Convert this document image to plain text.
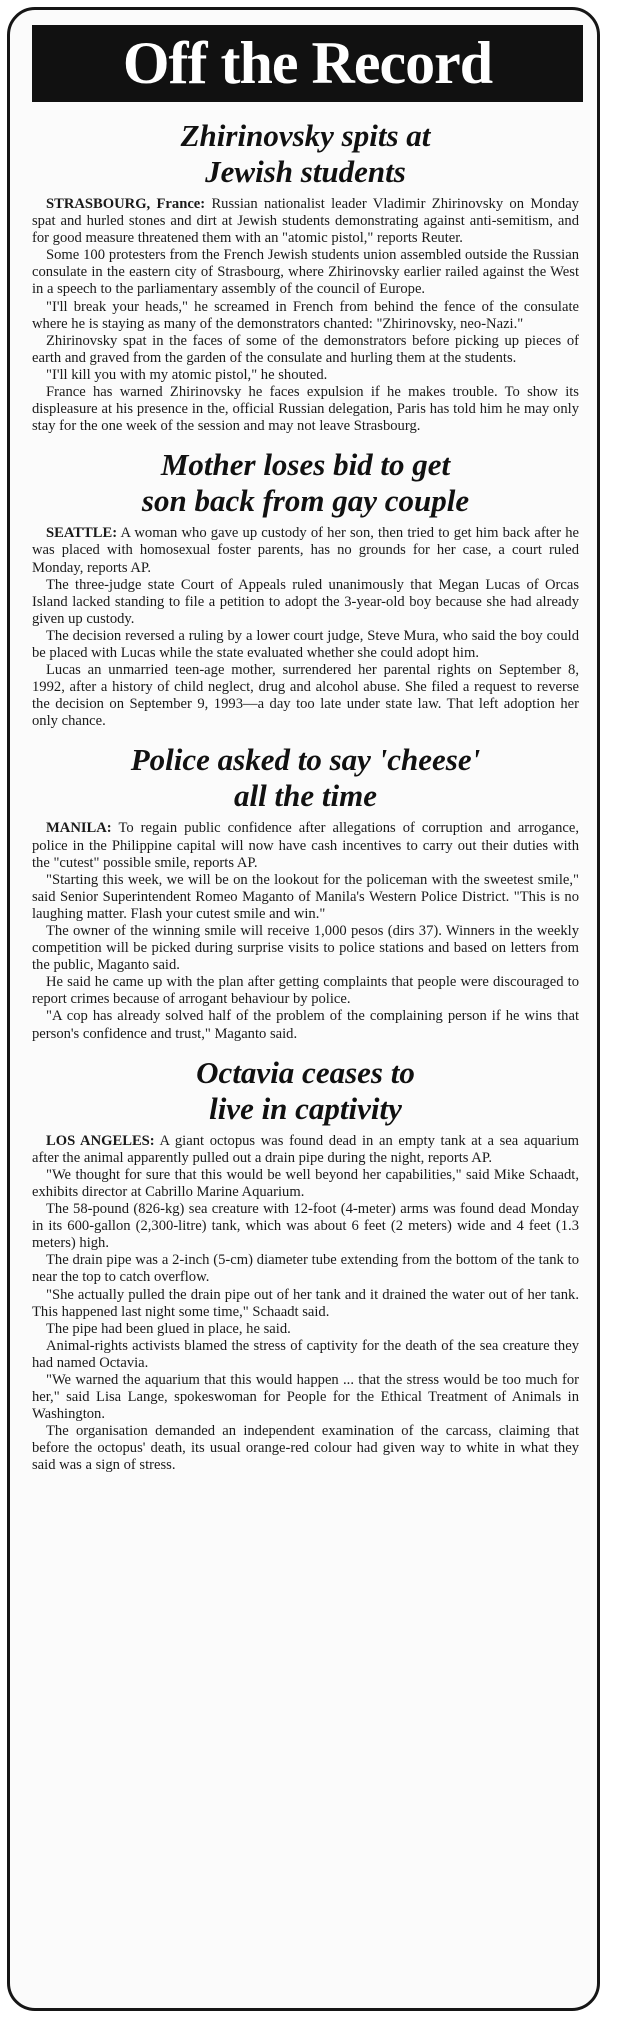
Off the Record
Zhirinovsky spits at
Jewish students

STRASBOURG, France: Russian nationalist leader Vladimir Zhirinovsky on Monday spat and hurled stones and dirt at Jewish students demonstrating against anti-semitism, and for good measure threatened them with an "atomic pistol," reports Reuter.

Some 100 protesters from the French Jewish students union assembled outside the Russian consulate in the eastern city of Strasbourg, where Zhirinovsky earlier railed against the West in a speech to the parliamentary assembly of the council of Europe.

"I'll break your heads," he screamed in French from behind the fence of the consulate where he is staying as many of the demonstrators chanted: "Zhirinovsky, neo-Nazi."

Zhirinovsky spat in the faces of some of the demonstrators before picking up pieces of earth and graved from the garden of the consulate and hurling them at the students.

"I'll kill you with my atomic pistol," he shouted.

France has warned Zhirinovsky he faces expulsion if he makes trouble. To show its displeasure at his presence in the, official Russian delegation, Paris has told him he may only stay for the one week of the session and may not leave Strasbourg.

Mother loses bid to get
son back from gay couple

SEATTLE: A woman who gave up custody of her son, then tried to get him back after he was placed with homosexual foster parents, has no grounds for her case, a court ruled Monday, reports AP.

The three-judge state Court of Appeals ruled unanimously that Megan Lucas of Orcas Island lacked standing to file a petition to adopt the 3-year-old boy because she had already given up custody.

The decision reversed a ruling by a lower court judge, Steve Mura, who said the boy could be placed with Lucas while the state evaluated whether she could adopt him.

Lucas an unmarried teen-age mother, surrendered her parental rights on September 8, 1992, after a history of child neglect, drug and alcohol abuse. She filed a request to reverse the decision on September 9, 1993—a day too late under state law. That left adoption her only chance.

Police asked to say 'cheese'
all the time

MANILA: To regain public confidence after allegations of corruption and arrogance, police in the Philippine capital will now have cash incentives to carry out their duties with the "cutest" possible smile, reports AP.

"Starting this week, we will be on the lookout for the policeman with the sweetest smile," said Senior Superintendent Romeo Maganto of Manila's Western Police District. "This is no laughing matter. Flash your cutest smile and win."

The owner of the winning smile will receive 1,000 pesos (dirs 37). Winners in the weekly competition will be picked during surprise visits to police stations and based on letters from the public, Maganto said.

He said he came up with the plan after getting complaints that people were discouraged to report crimes because of arrogant behaviour by police.

"A cop has already solved half of the problem of the complaining person if he wins that person's confidence and trust," Maganto said.

Octavia ceases to
live in captivity

LOS ANGELES: A giant octopus was found dead in an empty tank at a sea aquarium after the animal apparently pulled out a drain pipe during the night, reports AP.

"We thought for sure that this would be well beyond her capabilities," said Mike Schaadt, exhibits director at Cabrillo Marine Aquarium.

The 58-pound (826-kg) sea creature with 12-foot (4-meter) arms was found dead Monday in its 600-gallon (2,300-litre) tank, which was about 6 feet (2 meters) wide and 4 feet (1.3 meters) high.

The drain pipe was a 2-inch (5-cm) diameter tube extending from the bottom of the tank to near the top to catch overflow.

"She actually pulled the drain pipe out of her tank and it drained the water out of her tank. This happened last night some time," Schaadt said.

The pipe had been glued in place, he said.

Animal-rights activists blamed the stress of captivity for the death of the sea creature they had named Octavia.

"We warned the aquarium that this would happen ... that the stress would be too much for her," said Lisa Lange, spokeswoman for People for the Ethical Treatment of Animals in Washington.

The organisation demanded an independent examination of the carcass, claiming that before the octopus' death, its usual orange-red colour had given way to white in what they said was a sign of stress.
